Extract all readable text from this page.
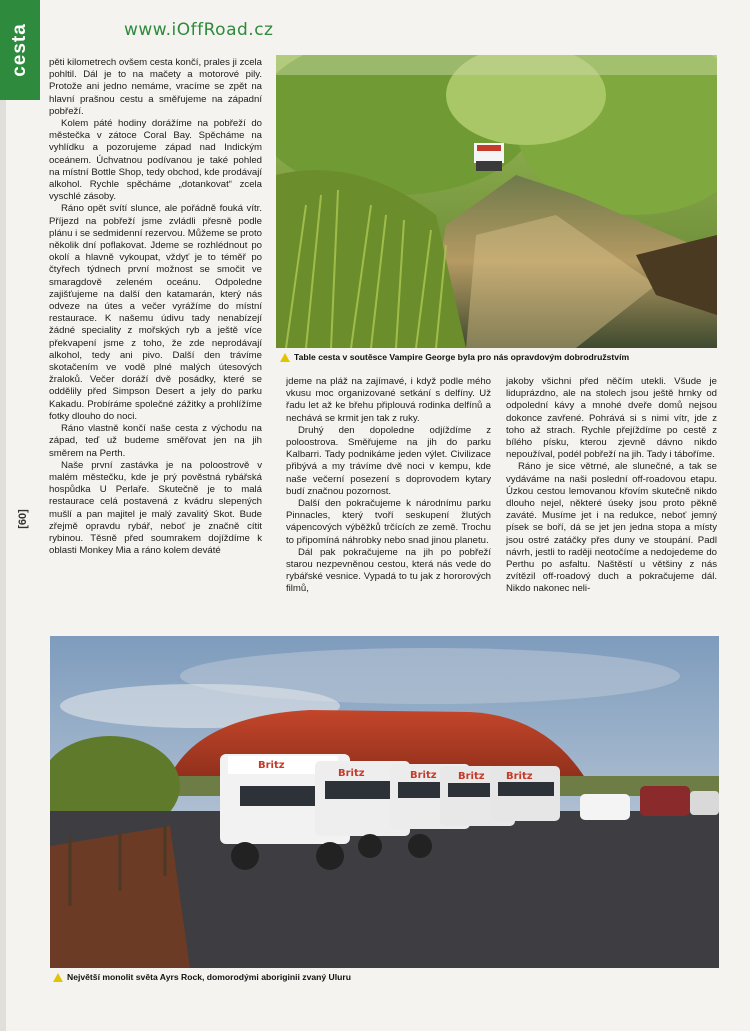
cesta	www.iOffRoad.cz
[60]

pěti kilometrech ovšem cesta končí, prales ji zcela pohltil. Dál je to na mačety a motorové pily. Protože ani jedno nemáme, vracíme se zpět na hlavní prašnou cestu a směřujeme na západní pobřeží.

Kolem páté hodiny dorážíme na pobřeží do městečka v zátoce Coral Bay. Spěcháme na vyhlídku a pozorujeme západ nad Indickým oceánem. Úchvatnou podívanou je také pohled na místní Bottle Shop, tedy obchod, kde prodávají alkohol. Rychle spěcháme „dotankovat“ zcela vyschlé zásoby.

Ráno opět svítí slunce, ale pořádně fouká vítr. Příjezd na pobřeží jsme zvládli přesně podle plánu i se sedmidenní rezervou. Můžeme se proto několik dní poflakovat. Jdeme se rozhlédnout po okolí a hlavně vykoupat, vždyť je to téměř po čtyřech týdnech první možnost se smočit ve smaragdově zeleném oceánu. Odpoledne zajišťujeme na další den katamarán, který nás odveze na útes a večer vyrážíme do místní restaurace. K našemu údivu tady nenabízejí žádné speciality z mořských ryb a ještě více překvapení jsme z toho, že zde neprodávají alkohol, tedy ani pivo. Další den trávíme skotačením ve vodě plné malých útesových žraloků. Večer doráží dvě posádky, které se oddělily před Simpson Desert a jely do parku Kakadu. Probíráme společné zážitky a prohlížíme fotky dlouho do noci.

Ráno vlastně končí naše cesta z východu na západ, teď už budeme směřovat jen na jih směrem na Perth.

Naše první zastávka je na poloostrově v malém městečku, kde je prý povĕstná rybářská hospůdka U Perlaře. Skutečně je to malá restaurace celá postavená z kvádru slepených mušlí a pan majitel je malý zavalitý Skot. Bude zřejmě opravdu rybář, neboť je značně cítit rybinou. Těsně před soumrakem dojíždíme k oblasti Monkey Mia a ráno kolem deváté

Table cesta v soutěsce Vampire George byla pro nás opravdovým dobrodružstvím

jdeme na pláž na zajímavé, i když podle mého vkusu moc organizované setkání s delfíny. Už řadu let až ke břehu připlouvá rodinka delfínů a nechává se krmit jen tak z ruky.

Druhý den dopoledne odjíždíme z poloostrova. Směřujeme na jih do parku Kalbarri. Tady podnikáme jeden výlet. Civilizace přibývá a my trávíme dvě noci v kempu, kde naše večerní posezení s doprovodem kytary budí značnou pozornost.

Další den pokračujeme k národnímu parku Pinnacles, který tvoří seskupení žlutých vápencových výběžků trčících ze země. Trochu to připomíná náhrobky nebo snad jinou planetu.

Dál pak pokračujeme na jih po pobřeží starou nezpevněnou cestou, která nás vede do rybářské vesnice. Vypadá to tu jak z hororových filmů,

jakoby všichni před něčím utekli. Všude je liduprázdno, ale na stolech jsou ještě hrnky od odpolední kávy a mnohé dveře domů nejsou dokonce zavřené. Pohrává si s nimi vítr, jde z toho až strach. Rychle přejíždíme po cestě z bílého písku, kterou zjevně dávno nikdo nepoužíval, podél pobřeží na jih. Tady i táboříme.

Ráno je sice větrné, ale slunečné, a tak se vydáváme na naši poslední off-roadovou etapu. Úzkou cestou lemovanou křovím skutečně nikdo dlouho nejel, některé úseky jsou proto pěkně zaváté. Musíme jet i na redukce, neboť jemný písek se boří, dá se jet jen jedna stopa a místy jsou ostré zatáčky přes duny ve stoupání. Padl návrh, jestli to raději neotočíme a nedojedeme do Perthu po asfaltu. Naštěstí u většiny z nás zvítězil off-roadový duch a pokračujeme dál. Nikdo nakonec neli-

Britz
Britz	Britz Britz Britz
Největší monolit světa Ayrs Rock, domorodými aboriginii zvaný Uluru
